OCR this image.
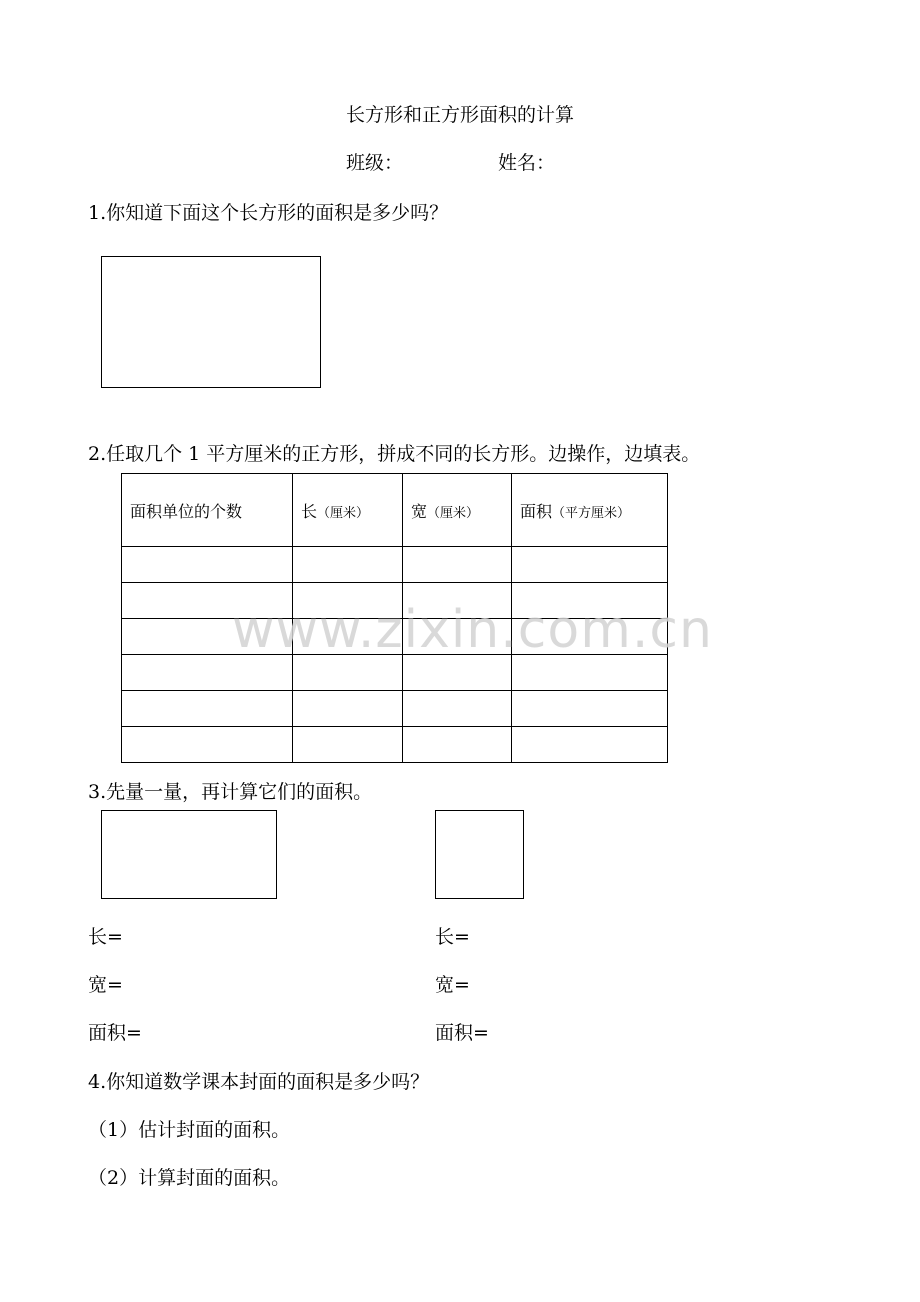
长方形和正方形面积的计算
班级：	姓名：
1.你知道下面这个长方形的面积是多少吗？
2.任取几个 1 平方厘米的正方形，拼成不同的长方形。边操作，边填表。
面积单位的个数	长（厘米）	宽（厘米）	面积（平方厘米）

www.zixin.com.cn
3.先量一量，再计算它们的面积。
长=
宽=
面积=
长=
宽=
面积=
4.你知道数学课本封面的面积是多少吗？
（1）估计封面的面积。
（2）计算封面的面积。
